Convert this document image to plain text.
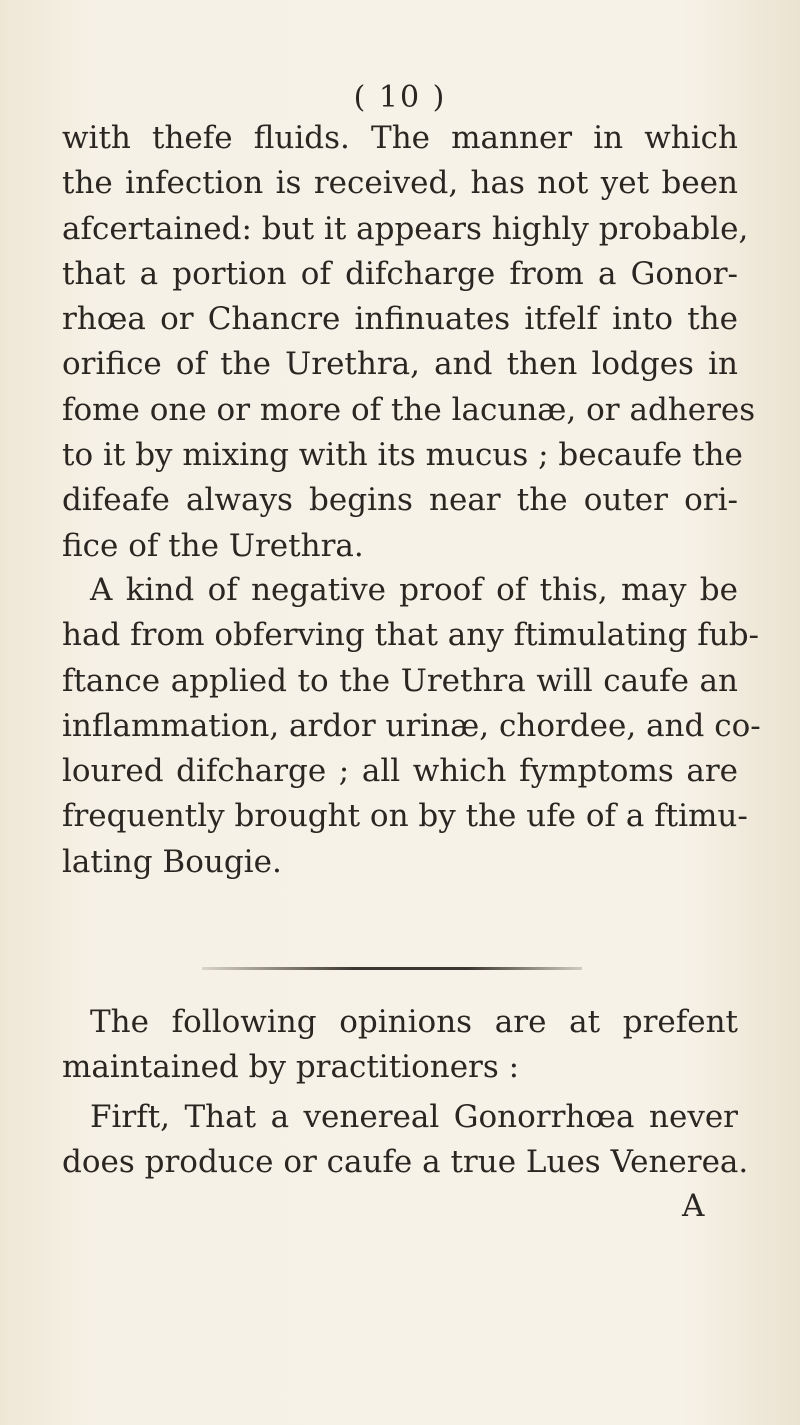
( 10 )
with thefe fluids. The manner in which
the infection is received, has not yet been
afcertained: but it appears highly probable,
that a portion of difcharge from a Gonor-
rhœa or Chancre infinuates itfelf into the
orifice of the Urethra, and then lodges in
fome one or more of the lacunæ, or adheres
to it by mixing with its mucus ; becaufe the
difeafe always begins near the outer ori-
fice of the Urethra.
A kind of negative proof of this, may be
had from obferving that any ftimulating fub-
ftance applied to the Urethra will caufe an
inflammation, ardor urinæ, chordee, and co-
loured difcharge ; all which fymptoms are
frequently brought on by the ufe of a ftimu-
lating Bougie.
The following opinions are at prefent
maintained by practitioners :
Firft, That a venereal Gonorrhœa never
does produce or caufe a true Lues Venerea.
A
